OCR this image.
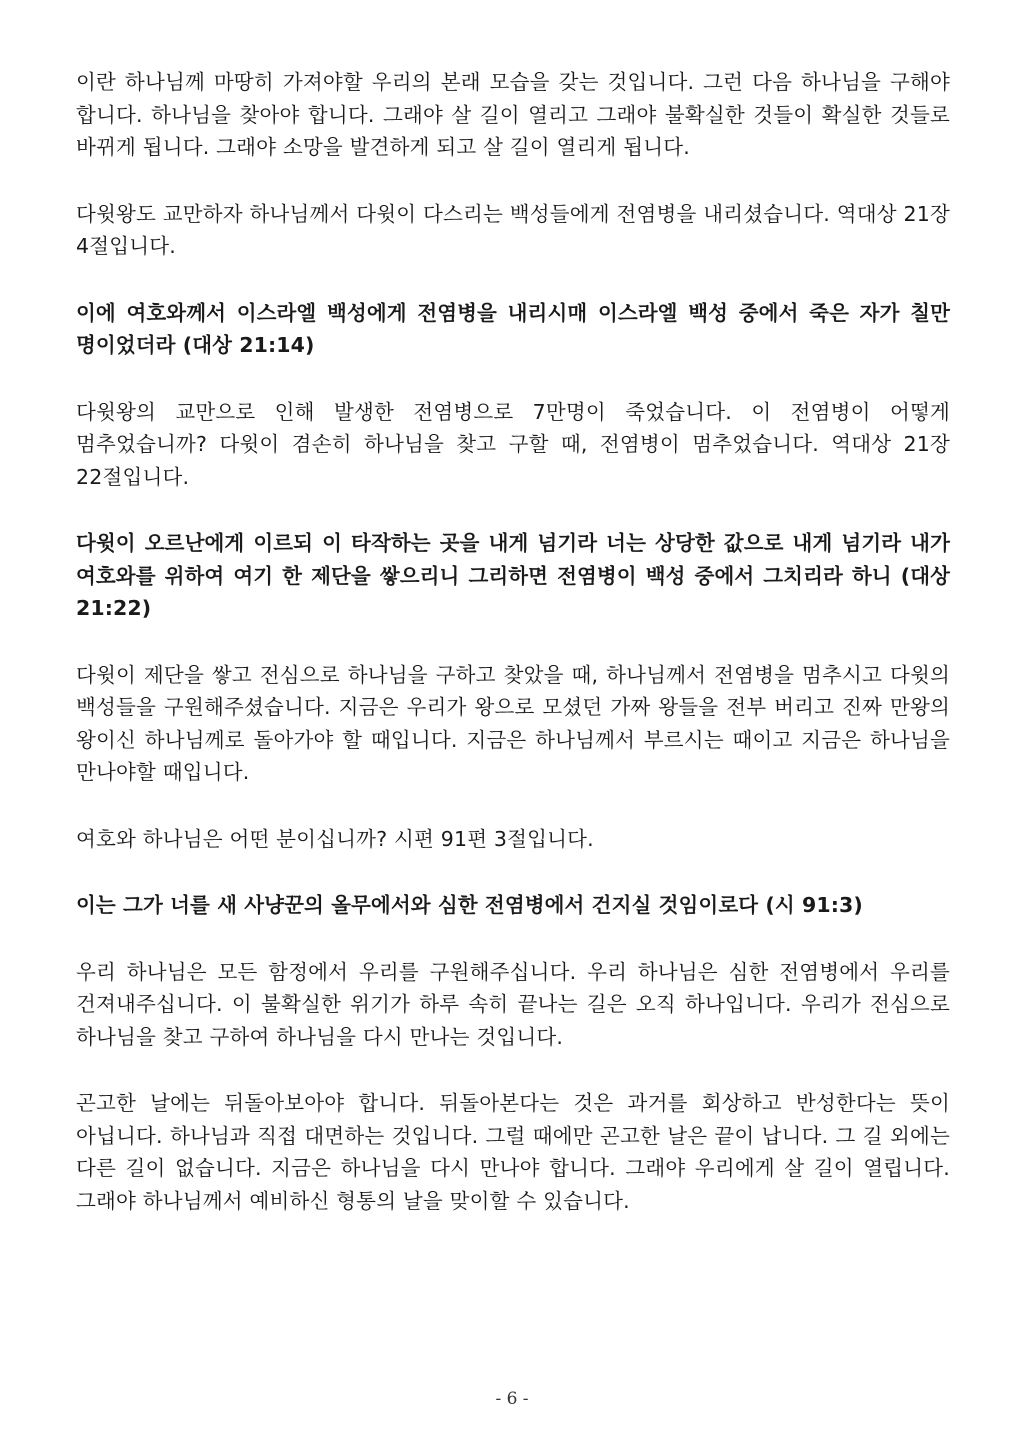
이란 하나님께 마땅히 가져야할 우리의 본래 모습을 갖는 것입니다. 그런 다음 하나님을 구해야 합니다. 하나님을 찾아야 합니다. 그래야 살 길이 열리고 그래야 불확실한 것들이 확실한 것들로 바뀌게 됩니다. 그래야 소망을 발견하게 되고 살 길이 열리게 됩니다.

다윗왕도 교만하자 하나님께서 다윗이 다스리는 백성들에게 전염병을 내리셨습니다. 역대상 21장 4절입니다.

이에 여호와께서 이스라엘 백성에게 전염병을 내리시매 이스라엘 백성 중에서 죽은 자가 칠만 명이었더라 (대상 21:14)

다윗왕의 교만으로 인해 발생한 전염병으로 7만명이 죽었습니다. 이 전염병이 어떻게 멈추었습니까? 다윗이 겸손히 하나님을 찾고 구할 때, 전염병이 멈추었습니다. 역대상 21장 22절입니다.

다윗이 오르난에게 이르되 이 타작하는 곳을 내게 넘기라 너는 상당한 값으로 내게 넘기라 내가 여호와를 위하여 여기 한 제단을 쌓으리니 그리하면 전염병이 백성 중에서 그치리라 하니 (대상 21:22)

다윗이 제단을 쌓고 전심으로 하나님을 구하고 찾았을 때, 하나님께서 전염병을 멈추시고 다윗의 백성들을 구원해주셨습니다. 지금은 우리가 왕으로 모셨던 가짜 왕들을 전부 버리고 진짜 만왕의 왕이신 하나님께로 돌아가야 할 때입니다. 지금은 하나님께서 부르시는 때이고 지금은 하나님을 만나야할 때입니다.

여호와 하나님은 어떤 분이십니까? 시편 91편 3절입니다.

이는 그가 너를 새 사냥꾼의 올무에서와 심한 전염병에서 건지실 것임이로다 (시 91:3)

우리 하나님은 모든 함정에서 우리를 구원해주십니다. 우리 하나님은 심한 전염병에서 우리를 건져내주십니다. 이 불확실한 위기가 하루 속히 끝나는 길은 오직 하나입니다. 우리가 전심으로 하나님을 찾고 구하여 하나님을 다시 만나는 것입니다.

곤고한 날에는 뒤돌아보아야 합니다. 뒤돌아본다는 것은 과거를 회상하고 반성한다는 뜻이 아닙니다. 하나님과 직접 대면하는 것입니다. 그럴 때에만 곤고한 날은 끝이 납니다. 그 길 외에는 다른 길이 없습니다. 지금은 하나님을 다시 만나야 합니다. 그래야 우리에게 살 길이 열립니다. 그래야 하나님께서 예비하신 형통의 날을 맞이할 수 있습니다.

- 6 -
